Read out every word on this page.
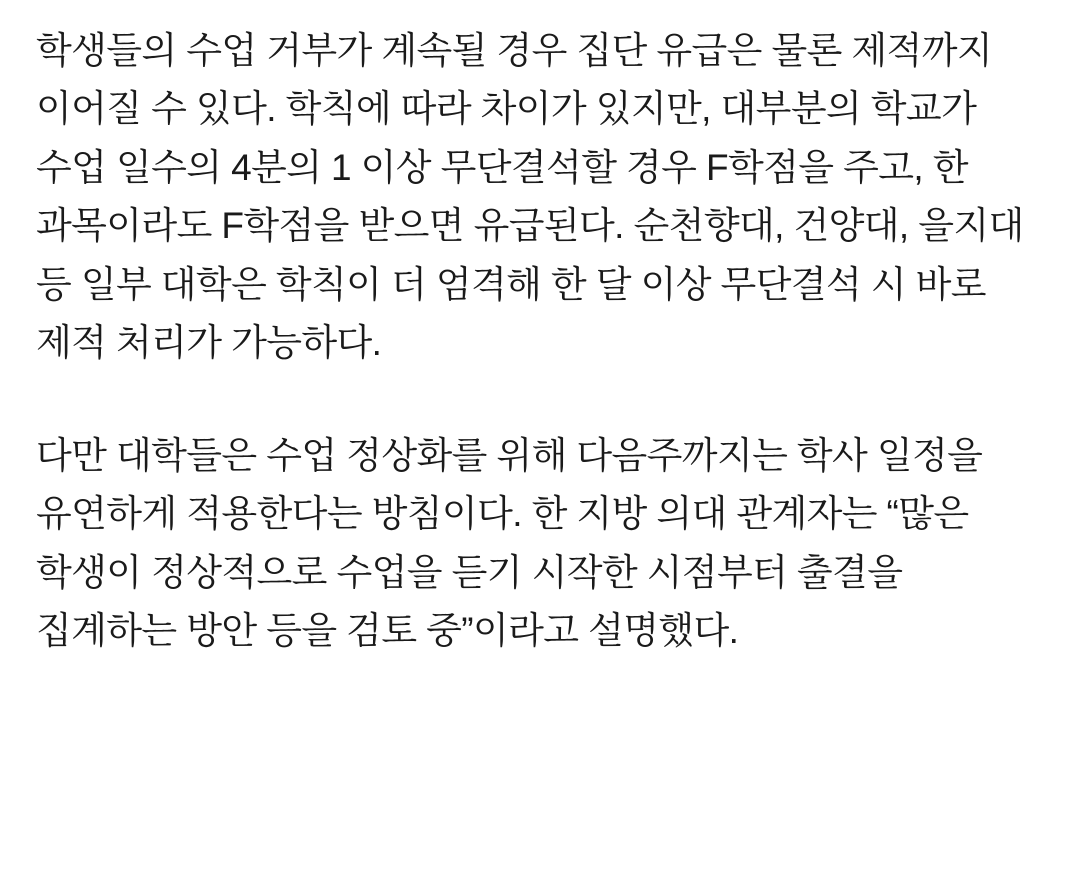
학생들의 수업 거부가 계속될 경우 집단 유급은 물론 제적까지 이어질 수 있다. 학칙에 따라 차이가 있지만, 대부분의 학교가 수업 일수의 4분의 1 이상 무단결석할 경우 F학점을 주고, 한 과목이라도 F학점을 받으면 유급된다. 순천향대, 건양대, 을지대 등 일부 대학은 학칙이 더 엄격해 한 달 이상 무단결석 시 바로 제적 처리가 가능하다.

다만 대학들은 수업 정상화를 위해 다음주까지는 학사 일정을 유연하게 적용한다는 방침이다. 한 지방 의대 관계자는 “많은 학생이 정상적으로 수업을 듣기 시작한 시점부터 출결을 집계하는 방안 등을 검토 중”이라고 설명했다.
